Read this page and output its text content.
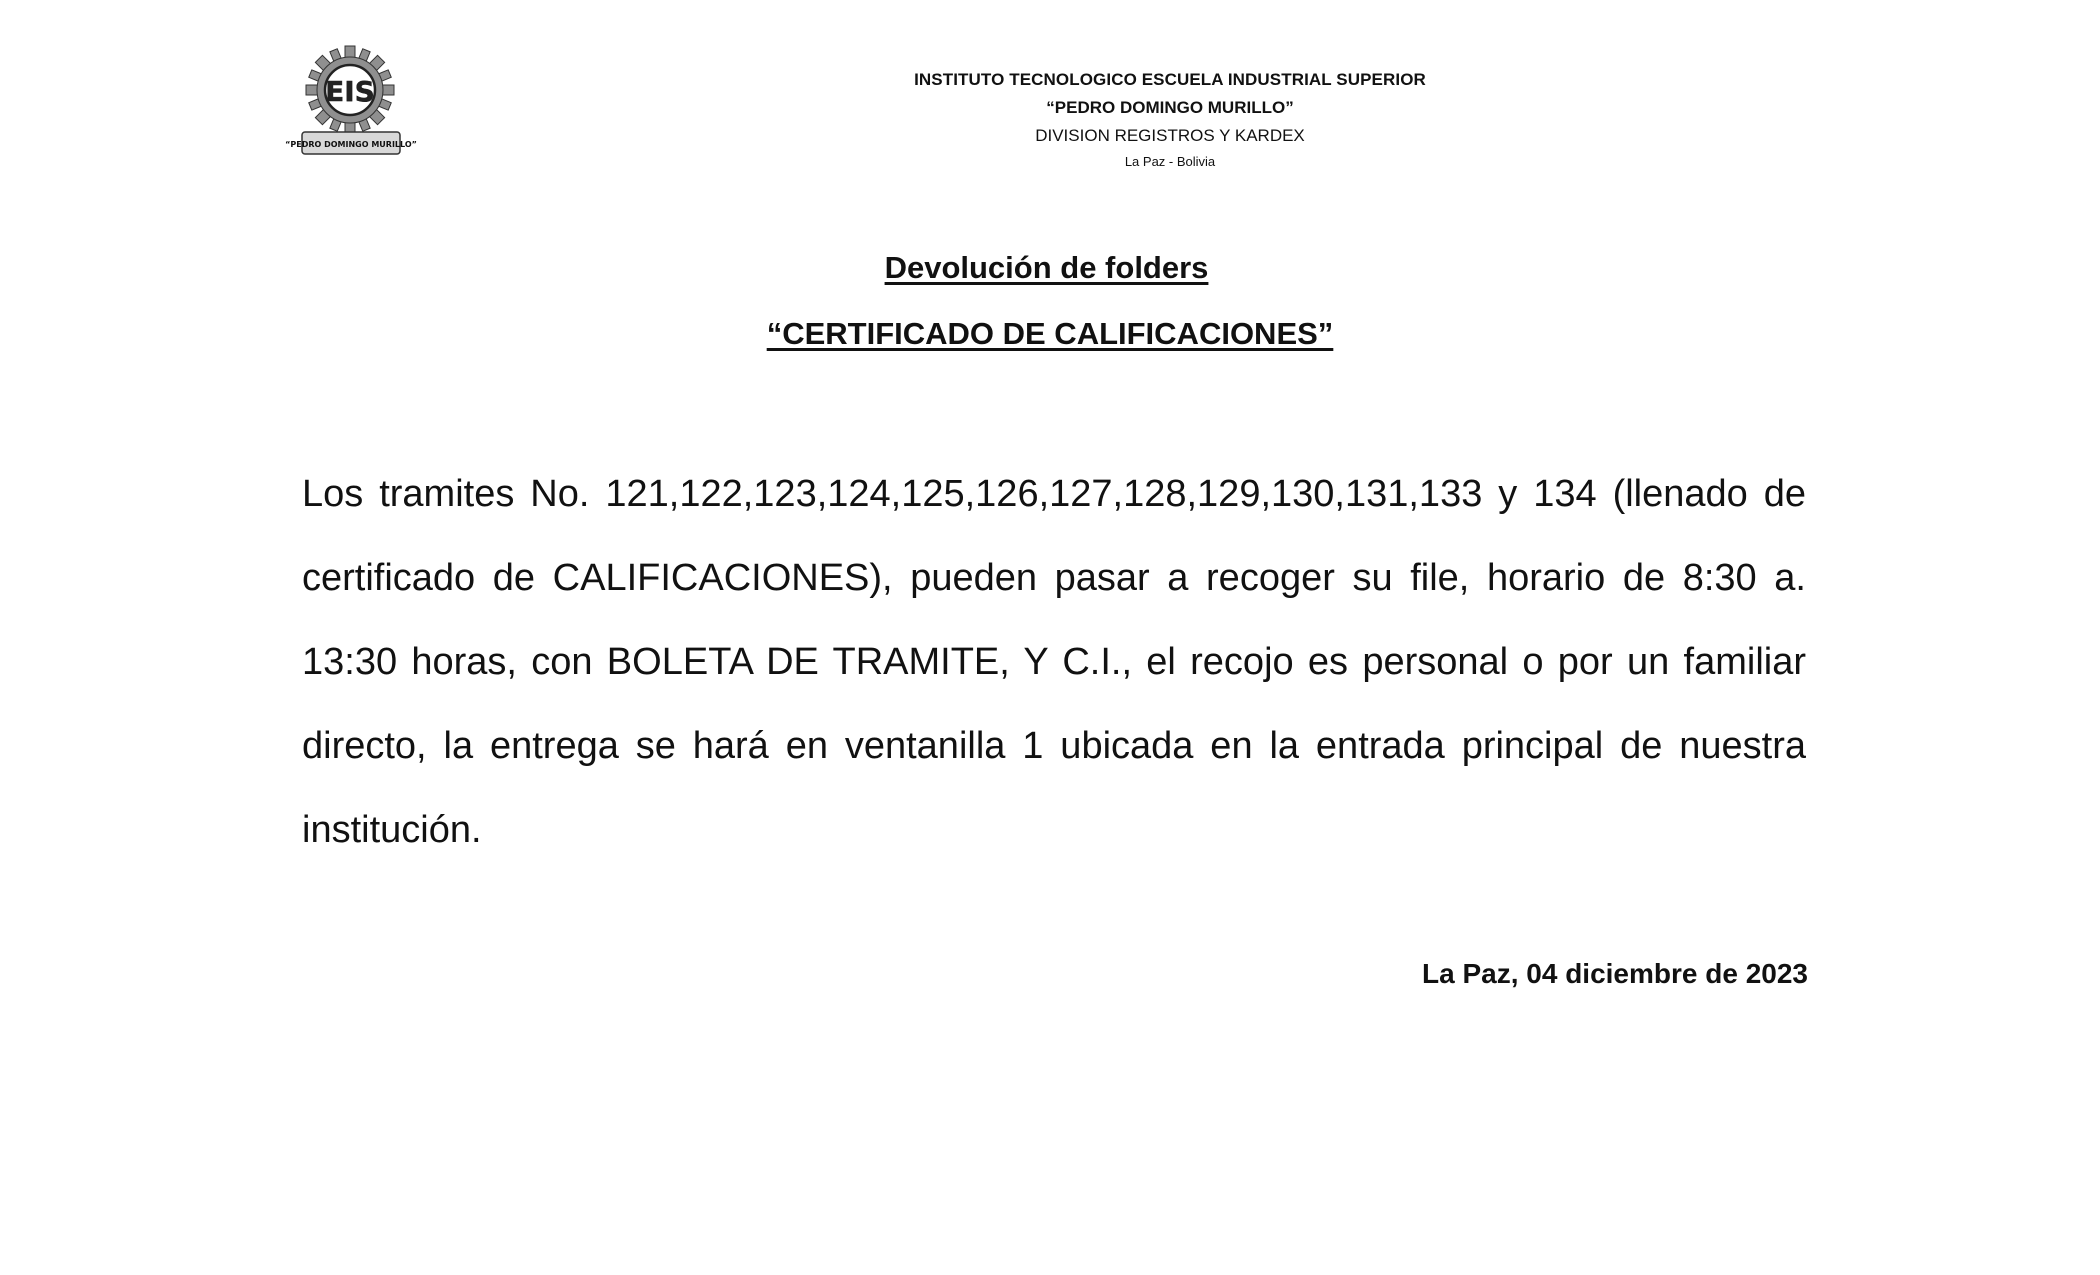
EIS
“PEDRO DOMINGO MURILLO”
INSTITUTO TECNOLOGICO ESCUELA INDUSTRIAL SUPERIOR
“PEDRO DOMINGO MURILLO”
DIVISION REGISTROS Y KARDEX
La Paz - Bolivia
Devolución de folders
“CERTIFICADO DE CALIFICACIONES”

Los tramites No. 121,122,123,124,125,126,127,128,129,130,131,133 y 134 (llenado de certificado de CALIFICACIONES), pueden pasar a recoger su file, horario de 8:30 a. 13:30 horas, con BOLETA DE TRAMITE, Y C.I., el recojo es personal o por un familiar directo, la entrega se hará en ventanilla 1 ubicada en la entrada principal de nuestra institución.

La Paz, 04 diciembre de 2023
